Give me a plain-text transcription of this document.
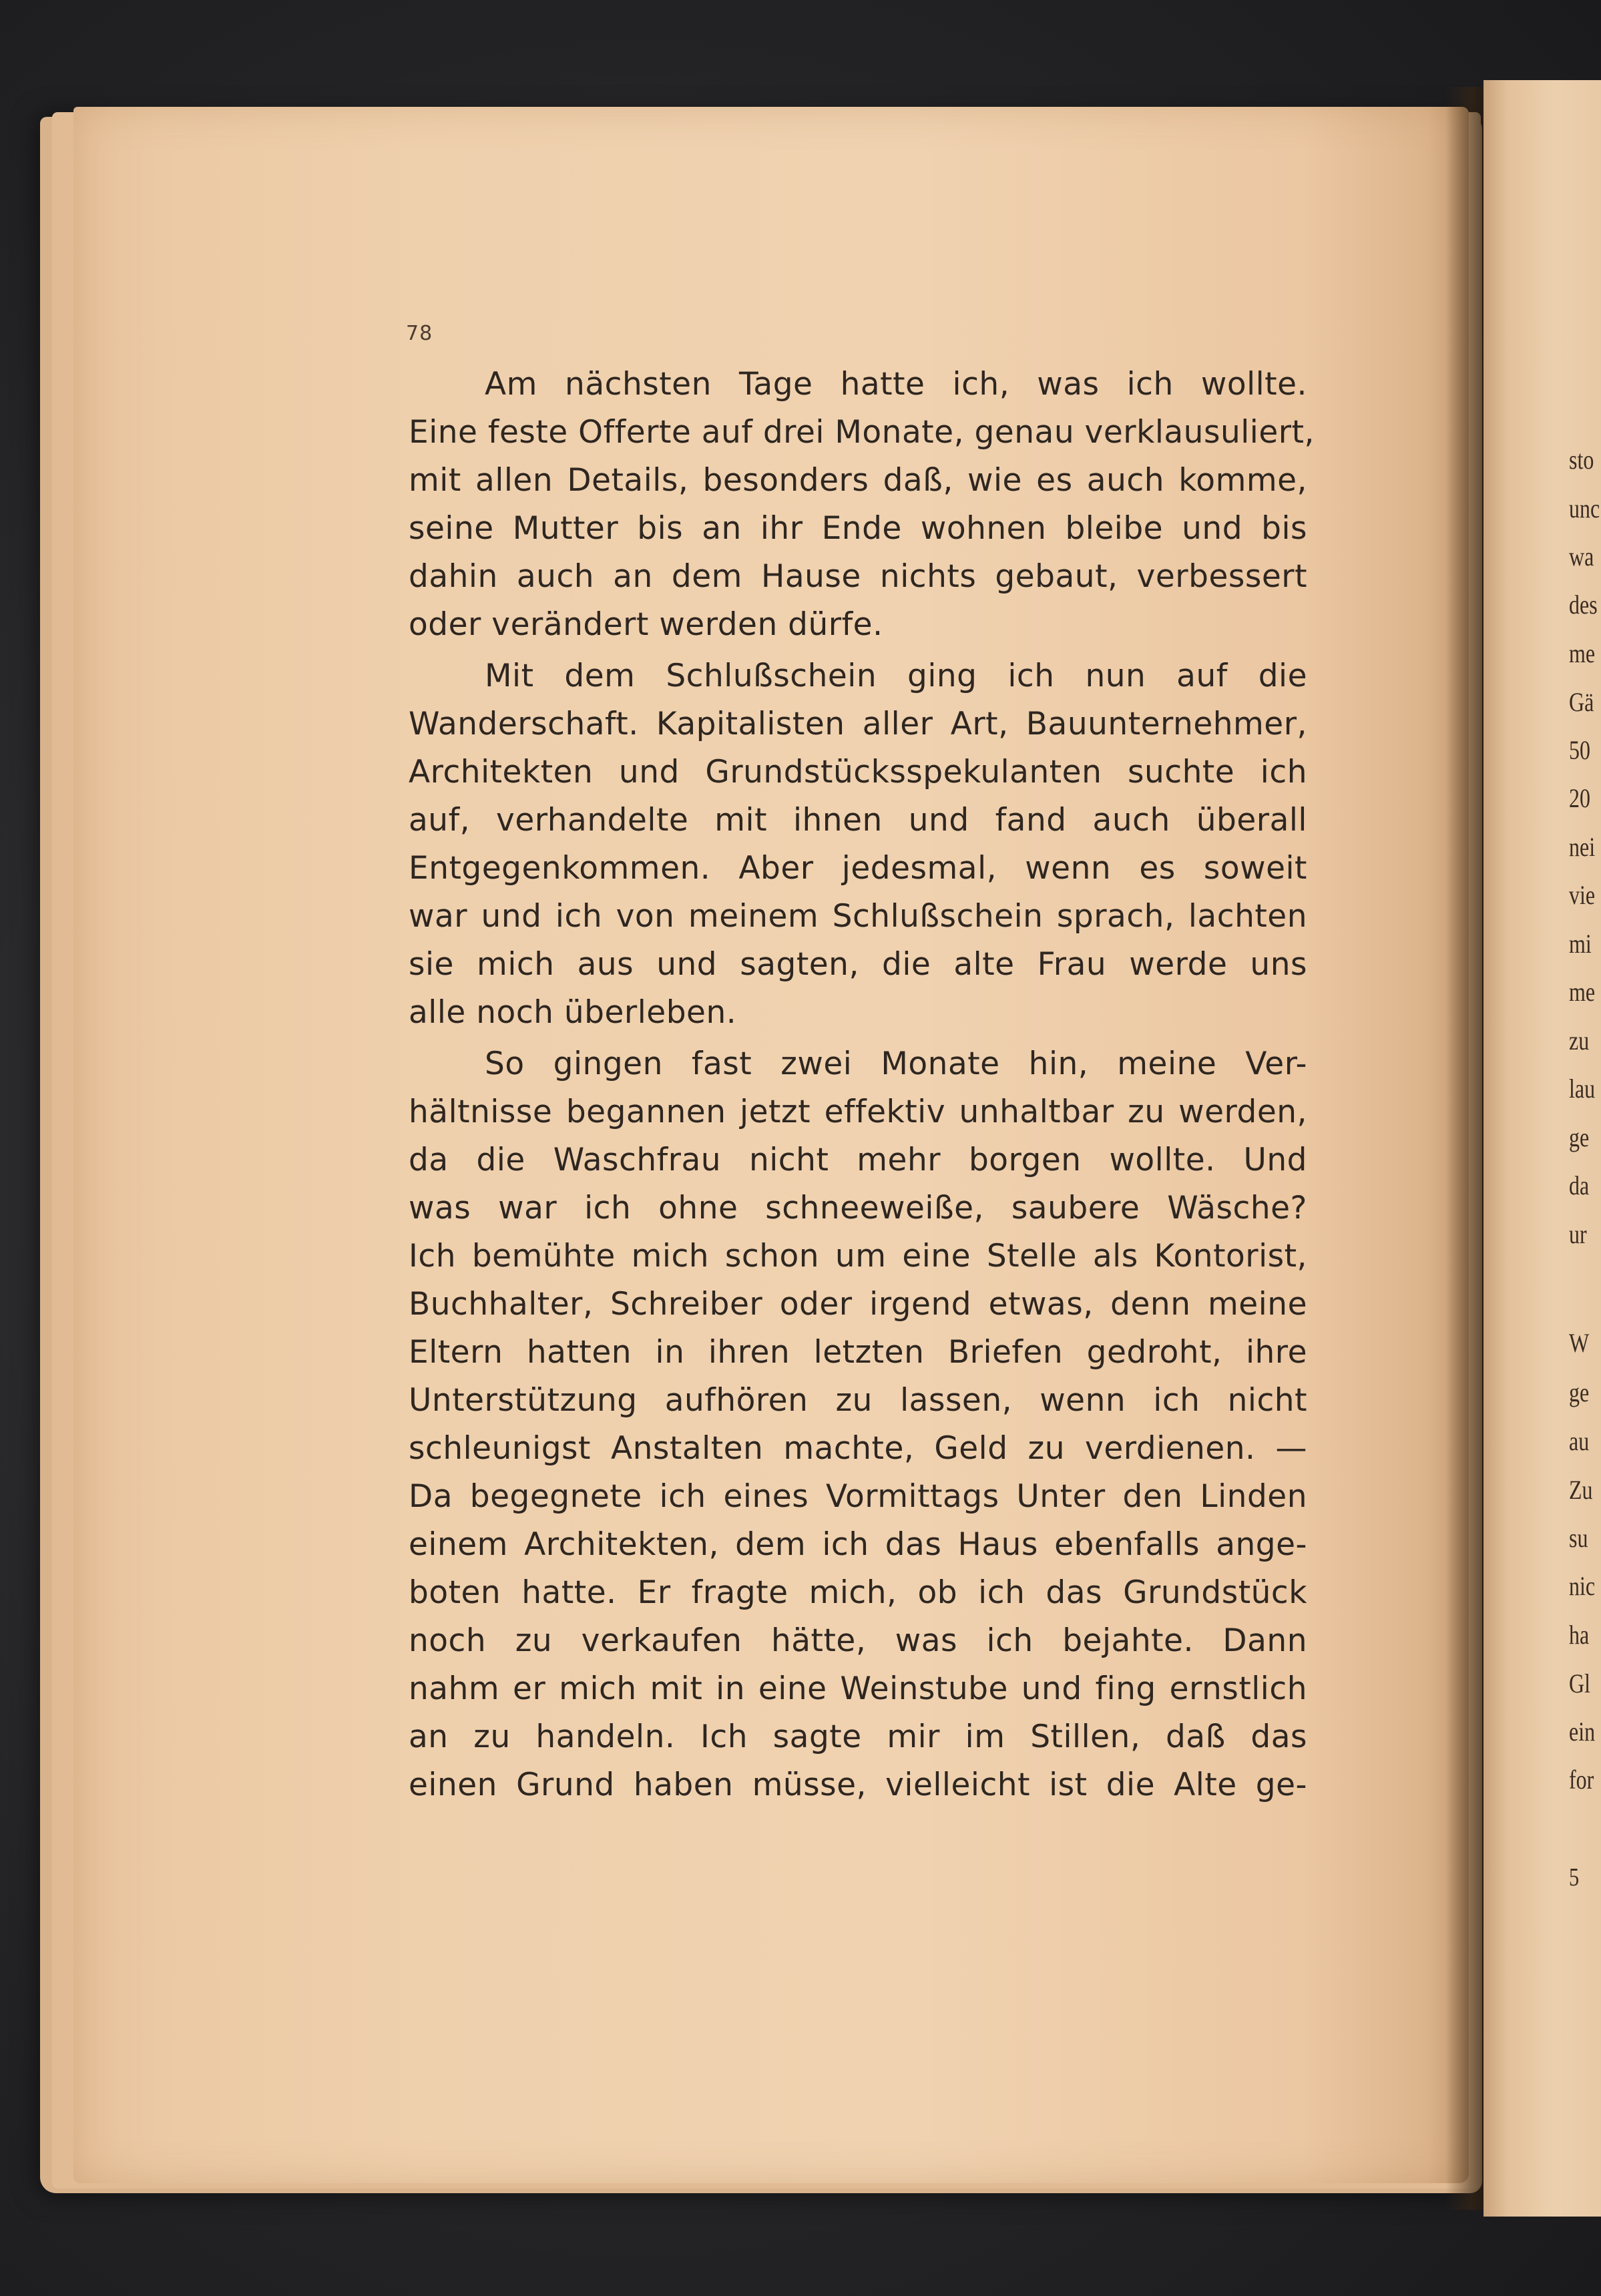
sto
unc
wa
des
me
Gä
50
20
nei
vie
mi
me
zu
lau
ge
da
ur
W
ge
au
Zu
su
nic
ha
Gl
ein
for
5
78
Am nächsten Tage hatte ich, was ich wollte.
Eine feste Offerte auf drei Monate, genau verklausuliert,
mit allen Details, besonders daß, wie es auch komme,
seine Mutter bis an ihr Ende wohnen bleibe und bis
dahin auch an dem Hause nichts gebaut, verbessert
oder verändert werden dürfe.
Mit dem Schlußschein ging ich nun auf die
Wanderschaft. Kapitalisten aller Art, Bauunternehmer,
Architekten und Grundstücksspekulanten suchte ich
auf, verhandelte mit ihnen und fand auch überall
Entgegenkommen. Aber jedesmal, wenn es soweit
war und ich von meinem Schlußschein sprach, lachten
sie mich aus und sagten, die alte Frau werde uns
alle noch überleben.
So gingen fast zwei Monate hin, meine Ver-
hältnisse begannen jetzt effektiv unhaltbar zu werden,
da die Waschfrau nicht mehr borgen wollte. Und
was war ich ohne schneeweiße, saubere Wäsche?
Ich bemühte mich schon um eine Stelle als Kontorist,
Buchhalter, Schreiber oder irgend etwas, denn meine
Eltern hatten in ihren letzten Briefen gedroht, ihre
Unterstützung aufhören zu lassen, wenn ich nicht
schleunigst Anstalten machte, Geld zu verdienen. —
Da begegnete ich eines Vormittags Unter den Linden
einem Architekten, dem ich das Haus ebenfalls ange-
boten hatte. Er fragte mich, ob ich das Grundstück
noch zu verkaufen hätte, was ich bejahte. Dann
nahm er mich mit in eine Weinstube und fing ernstlich
an zu handeln. Ich sagte mir im Stillen, daß das
einen Grund haben müsse, vielleicht ist die Alte ge-
